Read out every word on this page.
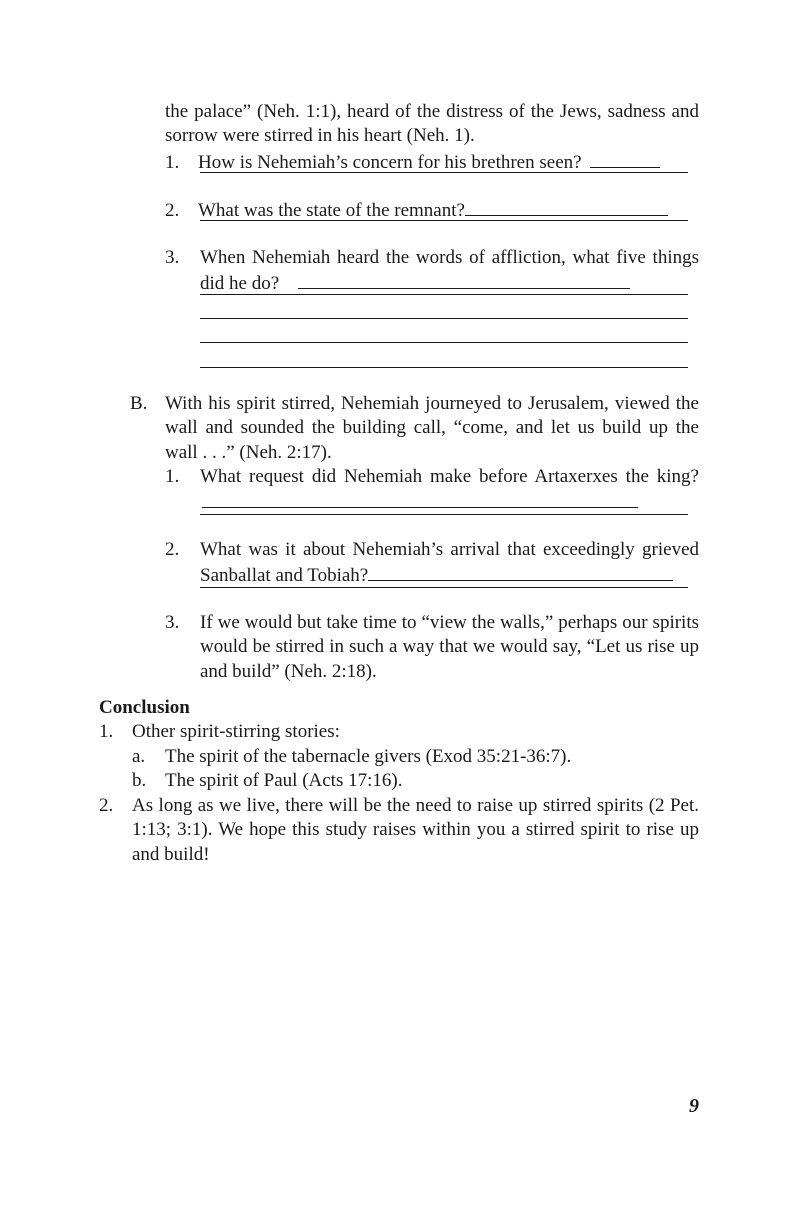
the palace” (Neh. 1:1), heard of the distress of the Jews, sadness and sorrow were stirred in his heart (Neh. 1).
1. How is Nehemiah’s concern for his brethren seen?
2. What was the state of the remnant?
3. When Nehemiah heard the words of affliction, what five things did he do?
B. With his spirit stirred, Nehemiah journeyed to Jerusalem, viewed the wall and sounded the building call, “come, and let us build up the wall . . .” (Neh. 2:17).
1. What request did Nehemiah make before Artaxerxes the king?
2. What was it about Nehemiah’s arrival that exceedingly grieved Sanballat and Tobiah?
3. If we would but take time to “view the walls,” perhaps our spirits would be stirred in such a way that we would say, “Let us rise up and build” (Neh. 2:18).
Conclusion
1. Other spirit-stirring stories:
a. The spirit of the tabernacle givers (Exod 35:21-36:7).
b. The spirit of Paul (Acts 17:16).
2. As long as we live, there will be the need to raise up stirred spirits (2 Pet. 1:13; 3:1). We hope this study raises within you a stirred spirit to rise up and build!
9
